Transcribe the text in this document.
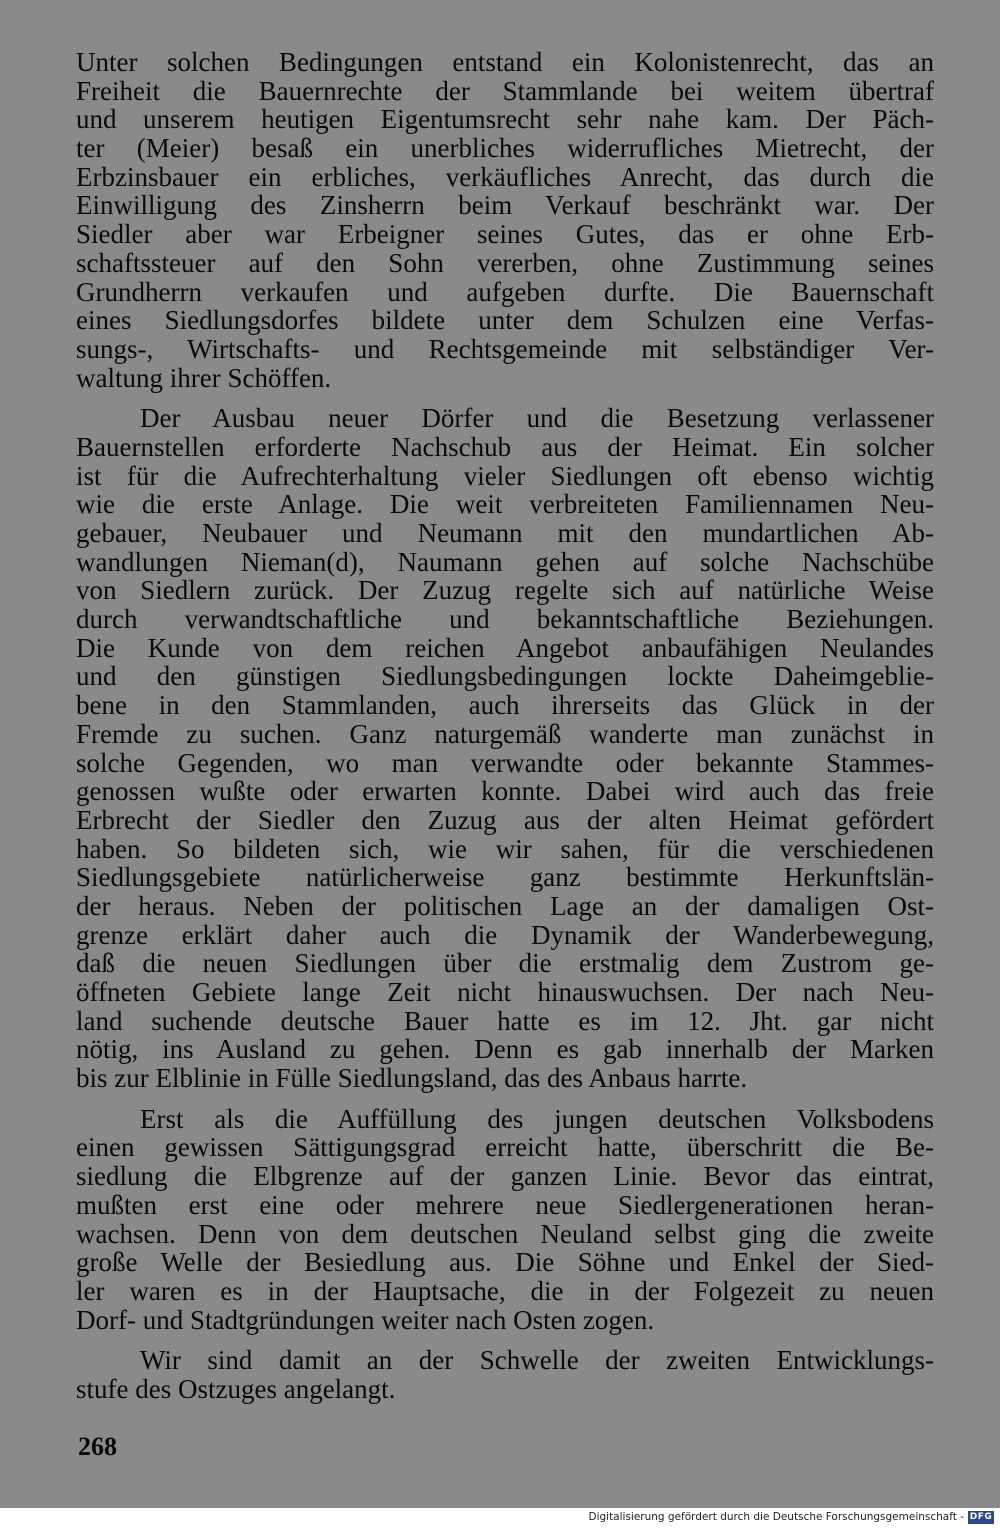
Unter solchen Bedingungen entstand ein Kolonistenrecht, das an
Freiheit die Bauernrechte der Stammlande bei weitem übertraf
und unserem heutigen Eigentumsrecht sehr nahe kam. Der Päch-
ter (Meier) besaß ein unerbliches widerrufliches Mietrecht, der
Erbzinsbauer ein erbliches, verkäufliches Anrecht, das durch die
Einwilligung des Zinsherrn beim Verkauf beschränkt war. Der
Siedler aber war Erbeigner seines Gutes, das er ohne Erb-
schaftssteuer auf den Sohn vererben, ohne Zustimmung seines
Grundherrn verkaufen und aufgeben durfte. Die Bauernschaft
eines Siedlungsdorfes bildete unter dem Schulzen eine Verfas-
sungs-, Wirtschafts- und Rechtsgemeinde mit selbständiger Ver-
waltung ihrer Schöffen.
Der Ausbau neuer Dörfer und die Besetzung verlassener
Bauernstellen erforderte Nachschub aus der Heimat. Ein solcher
ist für die Aufrechterhaltung vieler Siedlungen oft ebenso wichtig
wie die erste Anlage. Die weit verbreiteten Familiennamen Neu-
gebauer, Neubauer und Neumann mit den mundartlichen Ab-
wandlungen Nieman(d), Naumann gehen auf solche Nachschübe
von Siedlern zurück. Der Zuzug regelte sich auf natürliche Weise
durch verwandtschaftliche und bekanntschaftliche Beziehungen.
Die Kunde von dem reichen Angebot anbaufähigen Neulandes
und den günstigen Siedlungsbedingungen lockte Daheimgeblie-
bene in den Stammlanden, auch ihrerseits das Glück in der
Fremde zu suchen. Ganz naturgemäß wanderte man zunächst in
solche Gegenden, wo man verwandte oder bekannte Stammes-
genossen wußte oder erwarten konnte. Dabei wird auch das freie
Erbrecht der Siedler den Zuzug aus der alten Heimat gefördert
haben. So bildeten sich, wie wir sahen, für die verschiedenen
Siedlungsgebiete natürlicherweise ganz bestimmte Herkunftslän-
der heraus. Neben der politischen Lage an der damaligen Ost-
grenze erklärt daher auch die Dynamik der Wanderbewegung,
daß die neuen Siedlungen über die erstmalig dem Zustrom ge-
öffneten Gebiete lange Zeit nicht hinauswuchsen. Der nach Neu-
land suchende deutsche Bauer hatte es im 12. Jht. gar nicht
nötig, ins Ausland zu gehen. Denn es gab innerhalb der Marken
bis zur Elblinie in Fülle Siedlungsland, das des Anbaus harrte.
Erst als die Auffüllung des jungen deutschen Volksbodens
einen gewissen Sättigungsgrad erreicht hatte, überschritt die Be-
siedlung die Elbgrenze auf der ganzen Linie. Bevor das eintrat,
mußten erst eine oder mehrere neue Siedlergenerationen heran-
wachsen. Denn von dem deutschen Neuland selbst ging die zweite
große Welle der Besiedlung aus. Die Söhne und Enkel der Sied-
ler waren es in der Hauptsache, die in der Folgezeit zu neuen
Dorf- und Stadtgründungen weiter nach Osten zogen.
Wir sind damit an der Schwelle der zweiten Entwicklungs-
stufe des Ostzuges angelangt.
268
Digitalisierung gefördert durch die Deutsche Forschungsgemeinschaft - DFG
